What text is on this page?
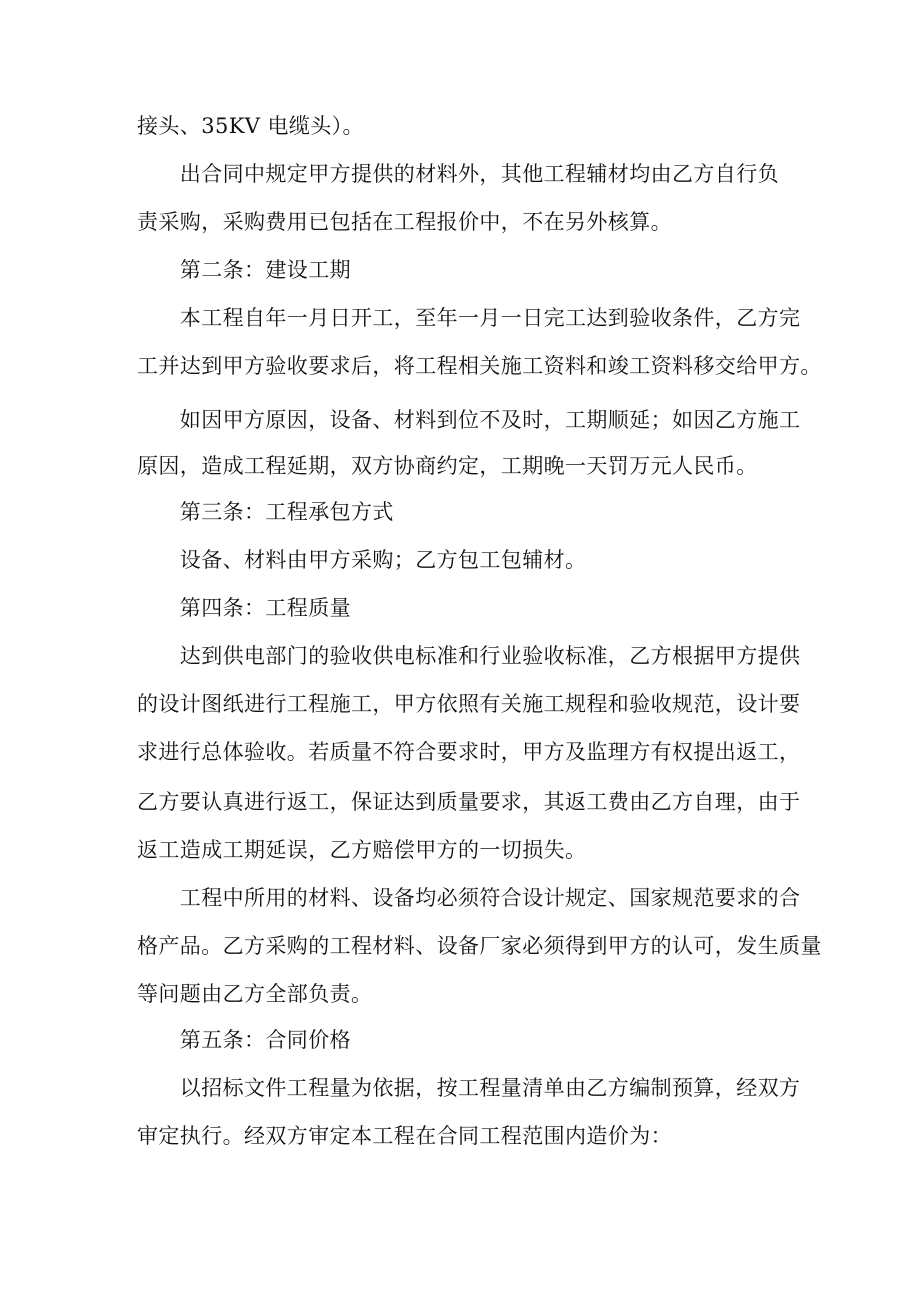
接头、35KV 电缆头）。
　　出合同中规定甲方提供的材料外，其他工程辅材均由乙方自行负
责采购，采购费用已包括在工程报价中，不在另外核算。
　　第二条：建设工期
　　本工程自年一月日开工，至年一月一日完工达到验收条件，乙方完
工并达到甲方验收要求后，将工程相关施工资料和竣工资料移交给甲方。
　　如因甲方原因，设备、材料到位不及时，工期顺延；如因乙方施工
原因，造成工程延期，双方协商约定，工期晚一天罚万元人民币。
　　第三条：工程承包方式
　　设备、材料由甲方采购；乙方包工包辅材。
　　第四条：工程质量
　　达到供电部门的验收供电标准和行业验收标准，乙方根据甲方提供
的设计图纸进行工程施工，甲方依照有关施工规程和验收规范，设计要
求进行总体验收。若质量不符合要求时，甲方及监理方有权提出返工，
乙方要认真进行返工，保证达到质量要求，其返工费由乙方自理，由于
返工造成工期延误，乙方赔偿甲方的一切损失。
　　工程中所用的材料、设备均必须符合设计规定、国家规范要求的合
格产品。乙方采购的工程材料、设备厂家必须得到甲方的认可，发生质量
等问题由乙方全部负责。
　　第五条：合同价格
　　以招标文件工程量为依据，按工程量清单由乙方编制预算，经双方
审定执行。经双方审定本工程在合同工程范围内造价为：
